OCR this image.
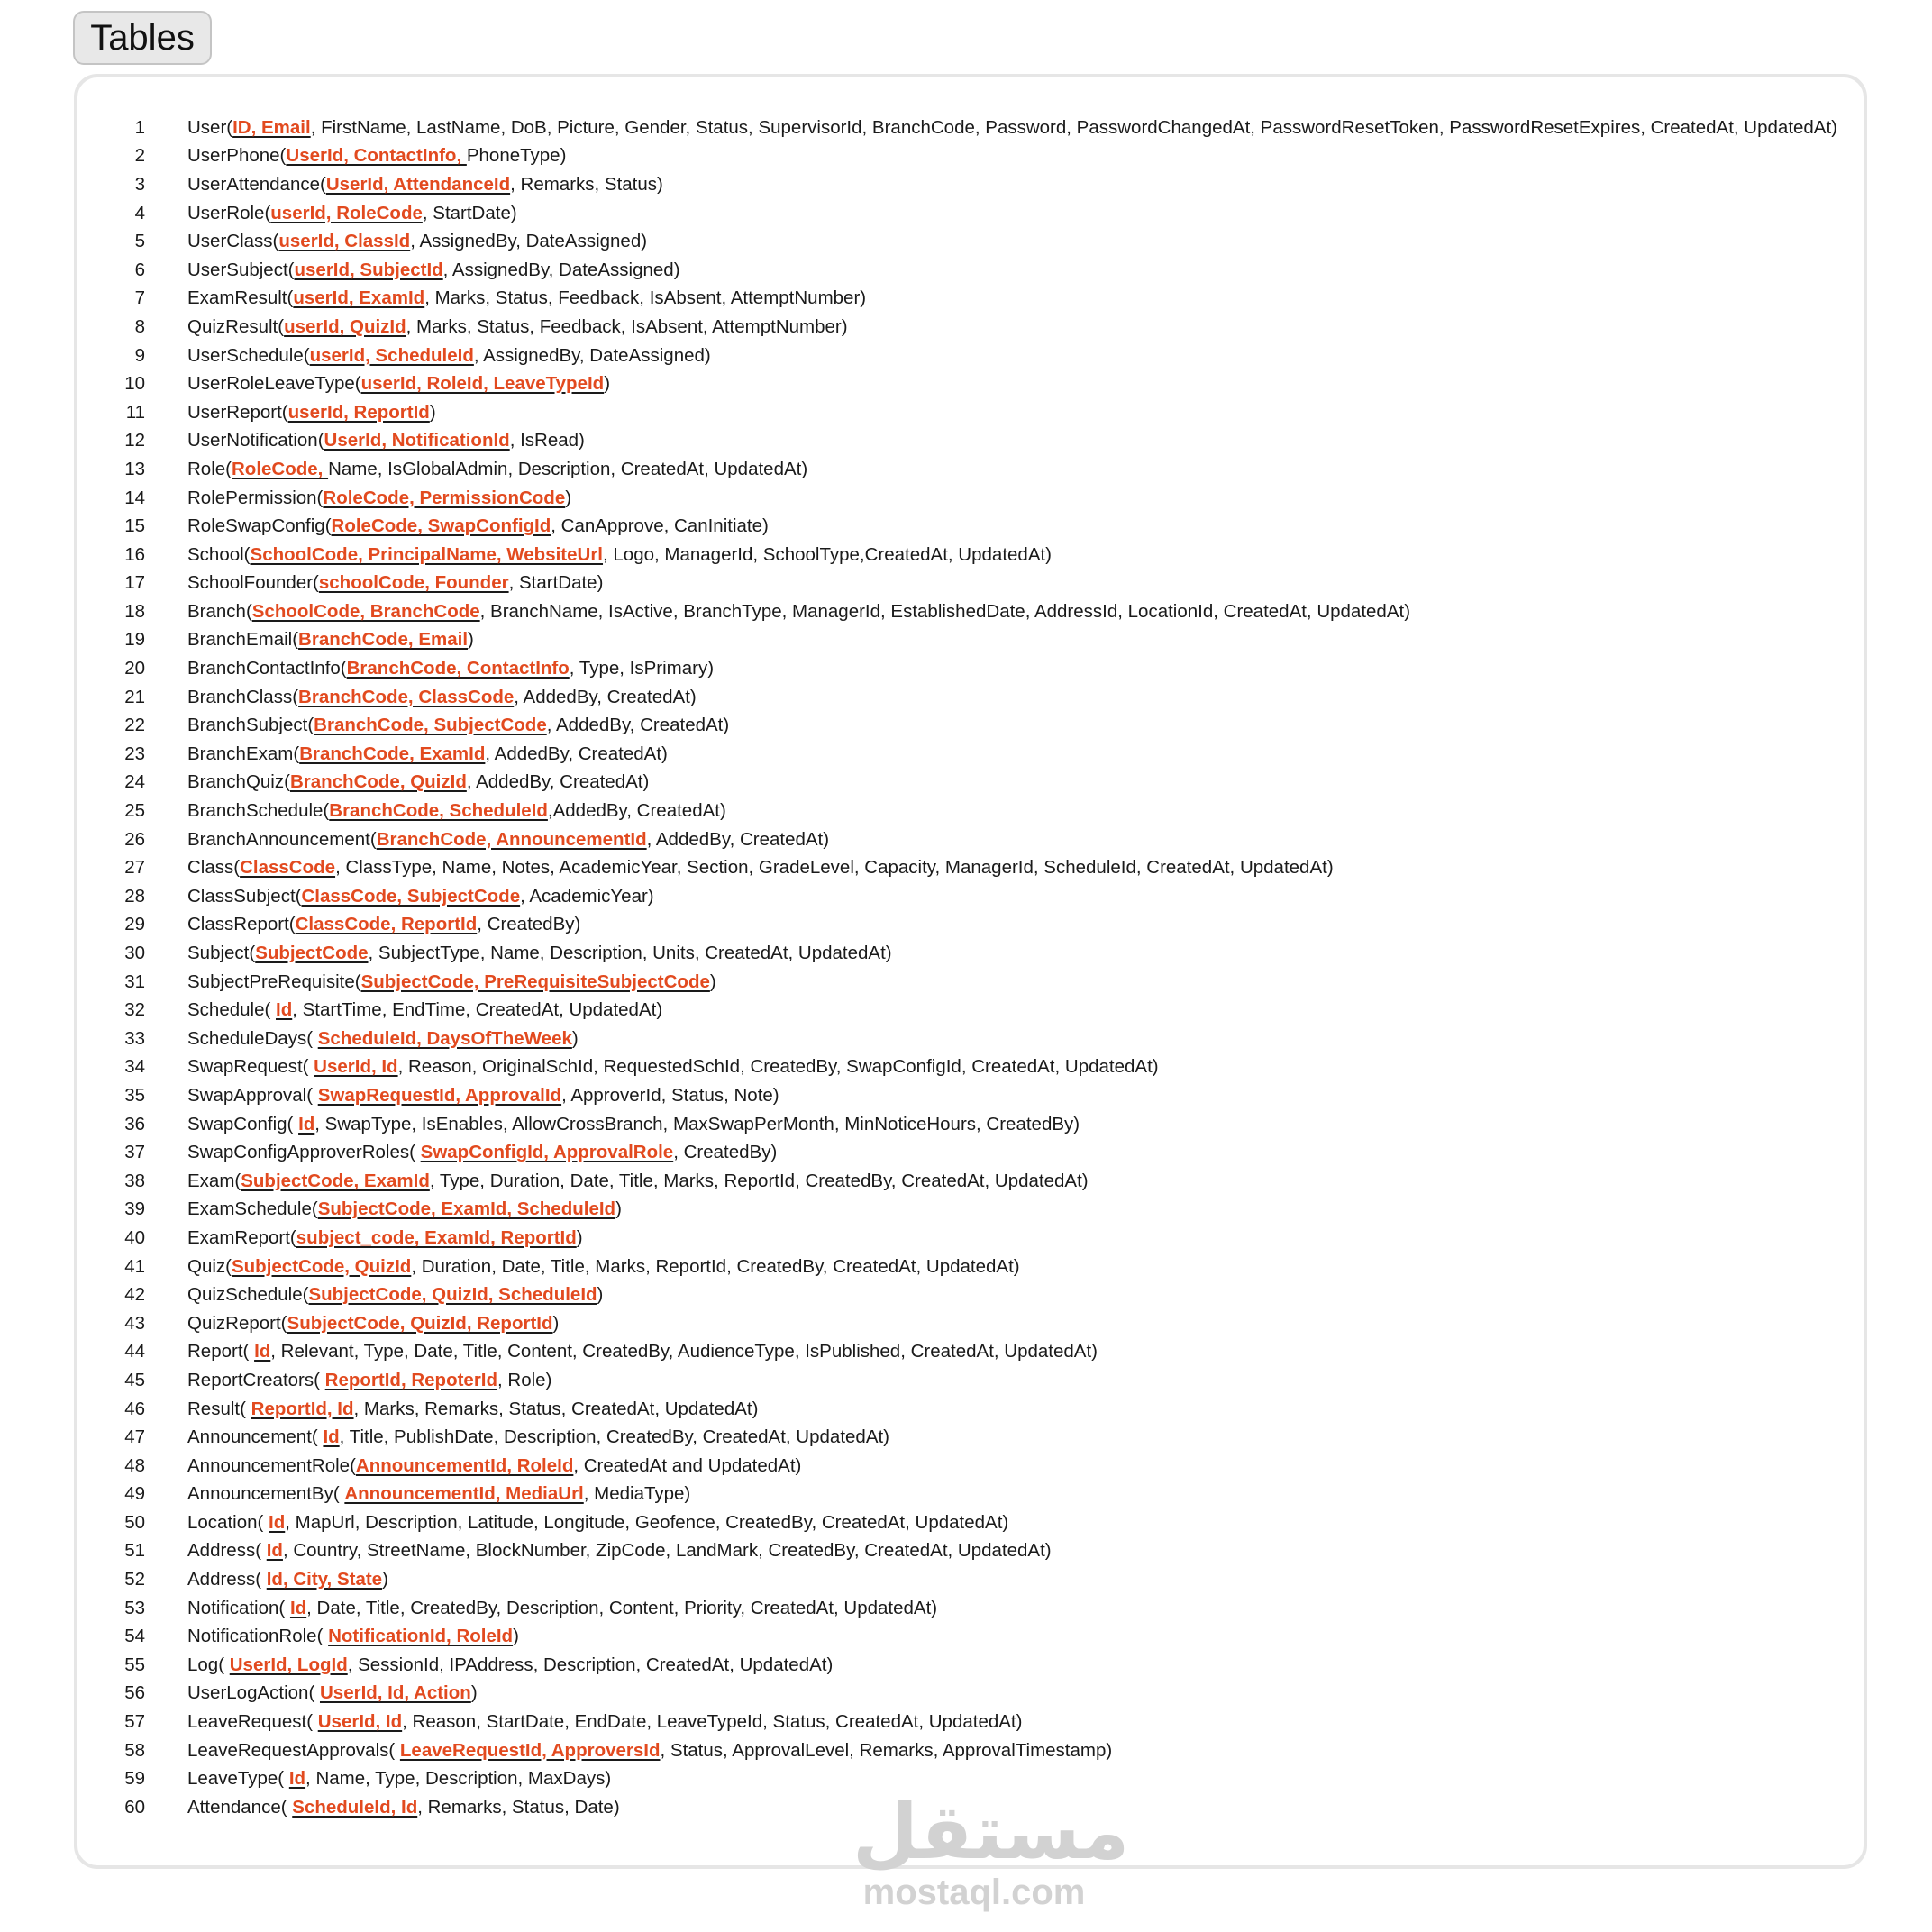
Tables
1	User(ID, Email, FirstName, LastName, DoB, Picture, Gender, Status, SupervisorId, BranchCode, Password, PasswordChangedAt, PasswordResetToken, PasswordResetExpires, CreatedAt, UpdatedAt)
2	UserPhone(UserId, ContactInfo, PhoneType)
3	UserAttendance(UserId, AttendanceId, Remarks, Status)
4	UserRole(userId, RoleCode, StartDate)
5	UserClass(userId, ClassId, AssignedBy, DateAssigned)
6	UserSubject(userId, SubjectId, AssignedBy, DateAssigned)
7	ExamResult(userId, ExamId, Marks, Status, Feedback, IsAbsent, AttemptNumber)
8	QuizResult(userId, QuizId, Marks, Status, Feedback, IsAbsent, AttemptNumber)
9	UserSchedule(userId, ScheduleId, AssignedBy, DateAssigned)
10	UserRoleLeaveType(userId, RoleId, LeaveTypeId)
11	UserReport(userId, ReportId)
12	UserNotification(UserId, NotificationId, IsRead)
13	Role(RoleCode, Name, IsGlobalAdmin, Description, CreatedAt, UpdatedAt)
14	RolePermission(RoleCode, PermissionCode)
15	RoleSwapConfig(RoleCode, SwapConfigId, CanApprove, CanInitiate)
16	School(SchoolCode, PrincipalName, WebsiteUrl, Logo, ManagerId, SchoolType,CreatedAt, UpdatedAt)
17	SchoolFounder(schoolCode, Founder, StartDate)
18	Branch(SchoolCode, BranchCode, BranchName, IsActive, BranchType, ManagerId, EstablishedDate, AddressId, LocationId, CreatedAt, UpdatedAt)
19	BranchEmail(BranchCode, Email)
20	BranchContactInfo(BranchCode, ContactInfo, Type, IsPrimary)
21	BranchClass(BranchCode, ClassCode, AddedBy, CreatedAt)
22	BranchSubject(BranchCode, SubjectCode, AddedBy, CreatedAt)
23	BranchExam(BranchCode, ExamId, AddedBy, CreatedAt)
24	BranchQuiz(BranchCode, QuizId, AddedBy, CreatedAt)
25	BranchSchedule(BranchCode, ScheduleId,AddedBy, CreatedAt)
26	BranchAnnouncement(BranchCode, AnnouncementId, AddedBy, CreatedAt)
27	Class(ClassCode, ClassType, Name, Notes, AcademicYear, Section, GradeLevel, Capacity, ManagerId, ScheduleId, CreatedAt, UpdatedAt)
28	ClassSubject(ClassCode, SubjectCode, AcademicYear)
29	ClassReport(ClassCode, ReportId, CreatedBy)
30	Subject(SubjectCode, SubjectType, Name, Description, Units, CreatedAt, UpdatedAt)
31	SubjectPreRequisite(SubjectCode, PreRequisiteSubjectCode)
32	Schedule( Id, StartTime, EndTime, CreatedAt, UpdatedAt)
33	ScheduleDays( ScheduleId, DaysOfTheWeek)
34	SwapRequest( UserId, Id, Reason, OriginalSchId, RequestedSchId, CreatedBy, SwapConfigId, CreatedAt, UpdatedAt)
35	SwapApproval( SwapRequestId, ApprovalId, ApproverId, Status, Note)
36	SwapConfig( Id, SwapType, IsEnables, AllowCrossBranch, MaxSwapPerMonth, MinNoticeHours, CreatedBy)
37	SwapConfigApproverRoles( SwapConfigId, ApprovalRole, CreatedBy)
38	Exam(SubjectCode, ExamId, Type, Duration, Date, Title, Marks, ReportId, CreatedBy, CreatedAt, UpdatedAt)
39	ExamSchedule(SubjectCode, ExamId, ScheduleId)
40	ExamReport(subject_code, ExamId, ReportId)
41	Quiz(SubjectCode, QuizId, Duration, Date, Title, Marks, ReportId, CreatedBy, CreatedAt, UpdatedAt)
42	QuizSchedule(SubjectCode, QuizId, ScheduleId)
43	QuizReport(SubjectCode, QuizId, ReportId)
44	Report( Id, Relevant, Type, Date, Title, Content, CreatedBy, AudienceType, IsPublished, CreatedAt, UpdatedAt)
45	ReportCreators( ReportId, RepoterId, Role)
46	Result( ReportId, Id, Marks, Remarks, Status, CreatedAt, UpdatedAt)
47	Announcement( Id, Title, PublishDate, Description, CreatedBy, CreatedAt, UpdatedAt)
48	AnnouncementRole(AnnouncementId, RoleId, CreatedAt and UpdatedAt)
49	AnnouncementBy( AnnouncementId, MediaUrl, MediaType)
50	Location( Id, MapUrl, Description, Latitude, Longitude, Geofence, CreatedBy, CreatedAt, UpdatedAt)
51	Address( Id, Country, StreetName, BlockNumber, ZipCode, LandMark, CreatedBy, CreatedAt, UpdatedAt)
52	Address( Id, City, State)
53	Notification( Id, Date, Title, CreatedBy, Description, Content, Priority, CreatedAt, UpdatedAt)
54	NotificationRole( NotificationId, RoleId)
55	Log( UserId, LogId, SessionId, IPAddress, Description, CreatedAt, UpdatedAt)
56	UserLogAction( UserId, Id, Action)
57	LeaveRequest( UserId, Id, Reason, StartDate, EndDate, LeaveTypeId, Status, CreatedAt, UpdatedAt)
58	LeaveRequestApprovals( LeaveRequestId, ApproversId, Status, ApprovalLevel, Remarks, ApprovalTimestamp)
59	LeaveType( Id, Name, Type, Description, MaxDays)
60	Attendance( ScheduleId, Id, Remarks, Status, Date)	مستقل
mostaql.com
